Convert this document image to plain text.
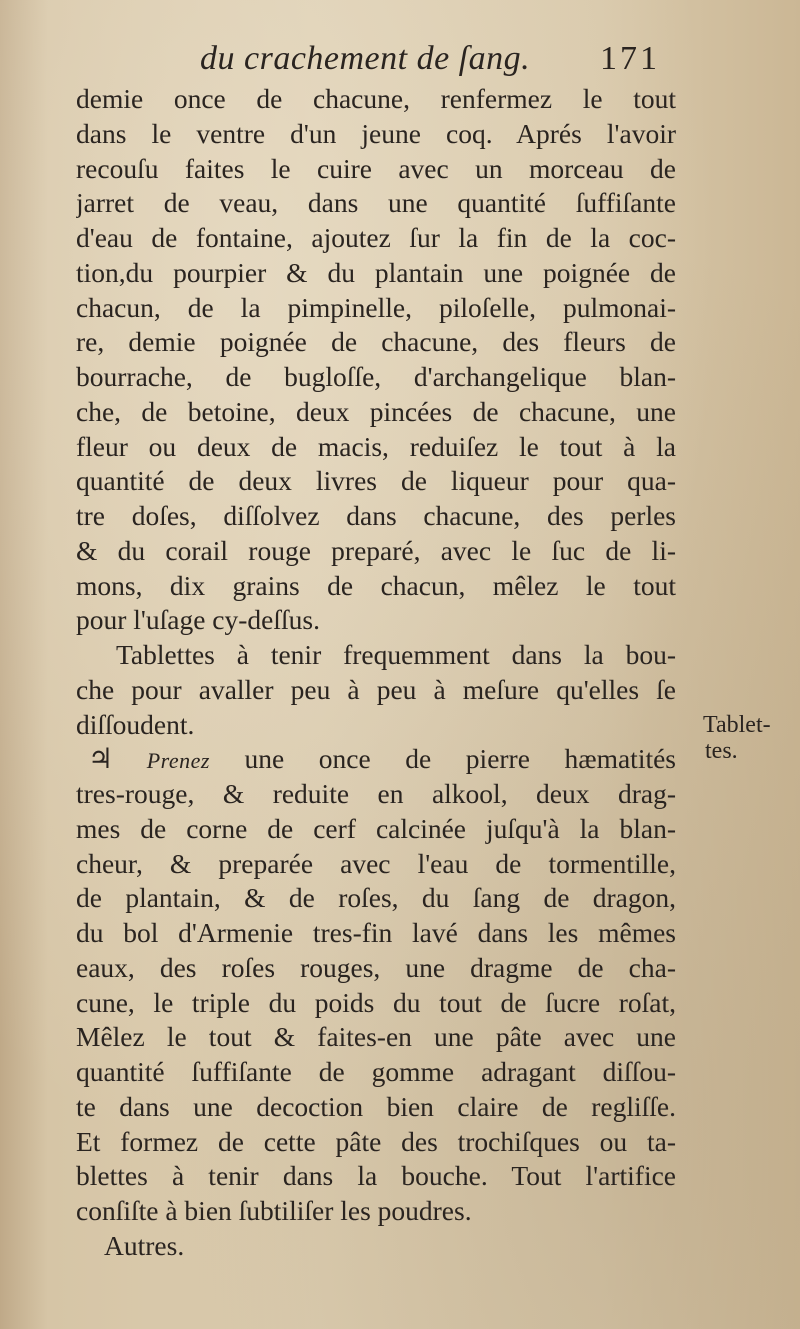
du crachement de ſang. 171
demie once de chacune, renfermez le tout
dans le ventre d'un jeune coq. Aprés l'avoir
recouſu faites le cuire avec un morceau de
jarret de veau, dans une quantité ſuffiſante
d'eau de fontaine, ajoutez ſur la fin de la coc-
tion,du pourpier & du plantain une poignée de
chacun, de la pimpinelle, piloſelle, pulmonai-
re, demie poignée de chacune, des fleurs de
bourrache, de bugloſſe, d'archangelique blan-
che, de betoine, deux pincées de chacune, une
fleur ou deux de macis, reduiſez le tout à la
quantité de deux livres de liqueur pour qua-
tre doſes, diſſolvez dans chacune, des perles
& du corail rouge preparé, avec le ſuc de li-
mons, dix grains de chacun, mêlez le tout
pour l'uſage cy-deſſus.
Tablettes à tenir frequemment dans la bou-
che pour avaller peu à peu à meſure qu'elles ſe
diſſoudent.
♃ Prenez une once de pierre hæmatités
tres-rouge, & reduite en alkool, deux drag-
mes de corne de cerf calcinée juſqu'à la blan-
cheur, & preparée avec l'eau de tormentille,
de plantain, & de roſes, du ſang de dragon,
du bol d'Armenie tres-fin lavé dans les mêmes
eaux, des roſes rouges, une dragme de cha-
cune, le triple du poids du tout de ſucre roſat,
Mêlez le tout & faites-en une pâte avec une
quantité ſuffiſante de gomme adragant diſſou-
te dans une decoction bien claire de regliſſe.
Et formez de cette pâte des trochiſques ou ta-
blettes à tenir dans la bouche. Tout l'artifice
conſiſte à bien ſubtiliſer les poudres.
Autres.
Tablet-
tes.
